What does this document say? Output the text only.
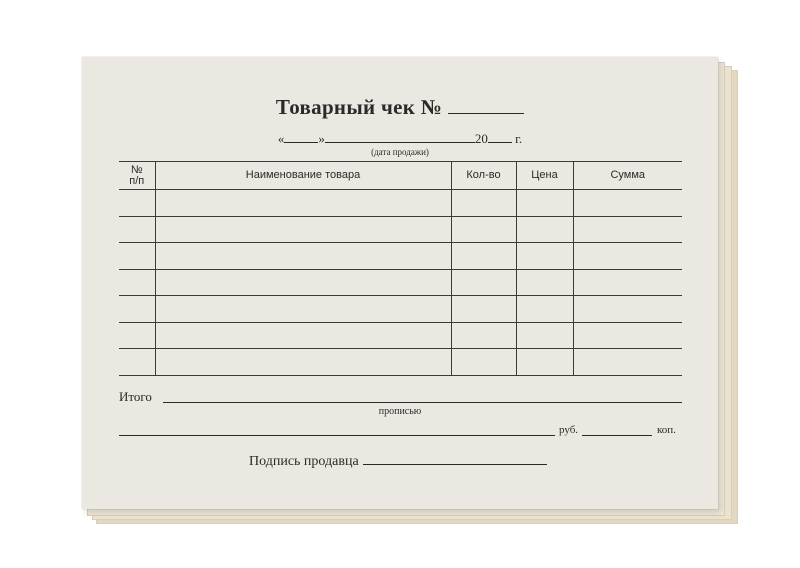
Товарный чек №
«	»	20 г.
(дата продажи)
№
п/п	Наименование товара	Кол-во	Цена	Сумма

Итого
прописью
руб.	коп.
Подпись продавца
